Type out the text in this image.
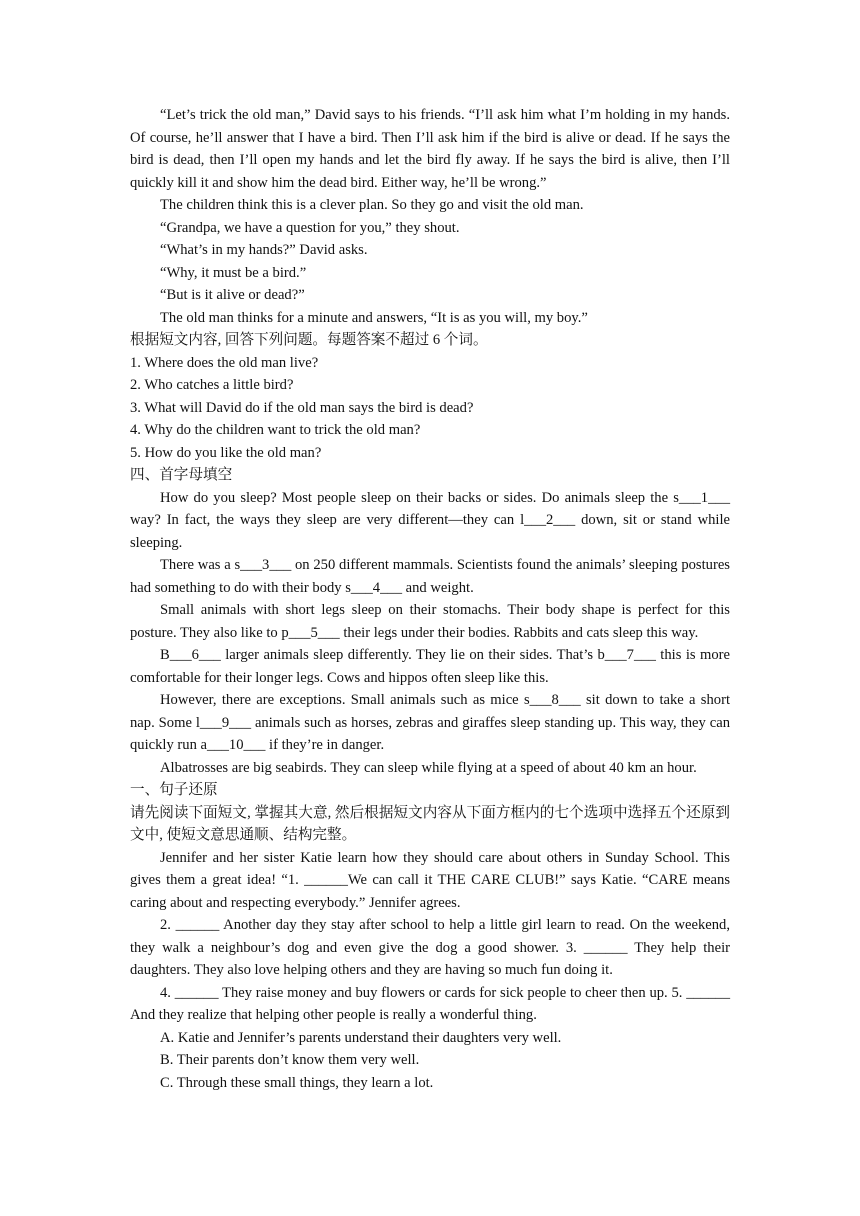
“Let’s trick the old man,” David says to his friends. “I’ll ask him what I’m holding in my hands. Of course, he’ll answer that I have a bird. Then I’ll ask him if the bird is alive or dead. If he says the bird is dead, then I’ll open my hands and let the bird fly away. If he says the bird is alive, then I’ll quickly kill it and show him the dead bird. Either way, he’ll be wrong.”

The children think this is a clever plan. So they go and visit the old man.

“Grandpa, we have a question for you,” they shout.

“What’s in my hands?” David asks.

“Why, it must be a bird.”

“But is it alive or dead?”

The old man thinks for a minute and answers, “It is as you will, my boy.”

根据短文内容, 回答下列问题。每题答案不超过 6 个词。

1. Where does the old man live?

2. Who catches a little bird?

3. What will David do if the old man says the bird is dead?

4. Why do the children want to trick the old man?

5. How do you like the old man?

四、首字母填空

How do you sleep? Most people sleep on their backs or sides. Do animals sleep the s___1___ way? In fact, the ways they sleep are very different—they can l___2___ down, sit or stand while sleeping.

There was a s___3___ on 250 different mammals. Scientists found the animals’ sleeping postures had something to do with their body s___4___ and weight.

Small animals with short legs sleep on their stomachs. Their body shape is perfect for this posture. They also like to p___5___ their legs under their bodies. Rabbits and cats sleep this way.

B___6___ larger animals sleep differently. They lie on their sides. That’s b___7___ this is more comfortable for their longer legs. Cows and hippos often sleep like this.

However, there are exceptions. Small animals such as mice s___8___ sit down to take a short nap. Some l___9___ animals such as horses, zebras and giraffes sleep standing up. This way, they can quickly run a___10___ if they’re in danger.

Albatrosses are big seabirds. They can sleep while flying at a speed of about 40 km an hour.

一、句子还原

请先阅读下面短文, 掌握其大意, 然后根据短文内容从下面方框内的七个选项中选择五个还原到文中, 使短文意思通顺、结构完整。

Jennifer and her sister Katie learn how they should care about others in Sunday School. This gives them a great idea! “1. ______We can call it THE CARE CLUB!” says Katie. “CARE means caring about and respecting everybody.” Jennifer agrees.

2. ______ Another day they stay after school to help a little girl learn to read. On the weekend, they walk a neighbour’s dog and even give the dog a good shower. 3. ______ They help their daughters. They also love helping others and they are having so much fun doing it.

4. ______ They raise money and buy flowers or cards for sick people to cheer then up. 5. ______ And they realize that helping other people is really a wonderful thing.

A. Katie and Jennifer’s parents understand their daughters very well.

B. Their parents don’t know them very well.

C. Through these small things, they learn a lot.
